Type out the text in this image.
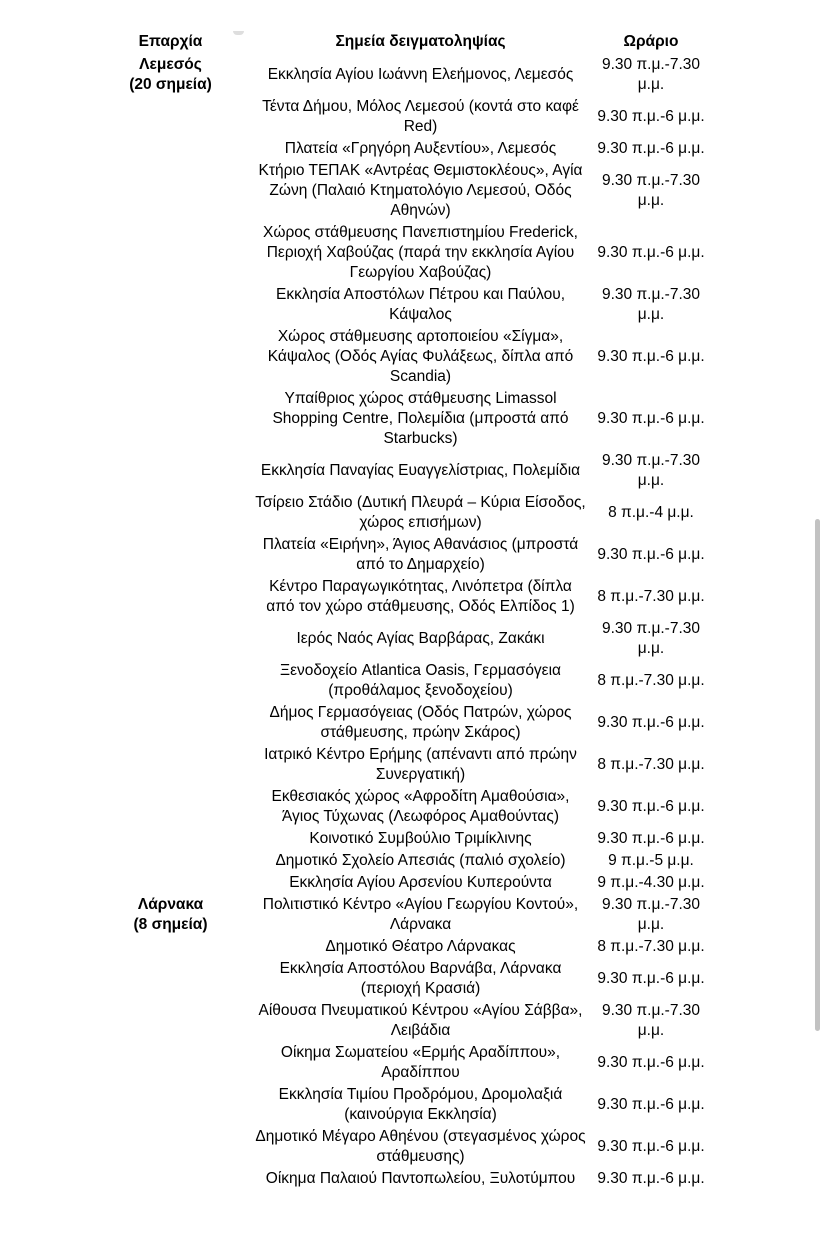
Επαρχία	Σημεία δειγματοληψίας	Ωράριο

Λεμεσός
(20 σημεία)	Εκκλησία Αγίου Ιωάννη Ελεήμονος, Λεμεσός	9.30 π.μ.-7.30 μ.μ.
	Τέντα Δήμου, Μόλος Λεμεσού (κοντά στο καφέ Red)	9.30 π.μ.-6 μ.μ.
	Πλατεία «Γρηγόρη Αυξεντίου», Λεμεσός	9.30 π.μ.-6 μ.μ.
	Κτήριο ΤΕΠΑΚ «Αντρέας Θεμιστοκλέους», Αγία Ζώνη (Παλαιό Κτηματολόγιο Λεμεσού, Οδός Αθηνών)	9.30 π.μ.-7.30 μ.μ.
	Χώρος στάθμευσης Πανεπιστημίου Frederick, Περιοχή Χαβούζας (παρά την εκκλησία Αγίου Γεωργίου Χαβούζας)	9.30 π.μ.-6 μ.μ.
	Εκκλησία Αποστόλων Πέτρου και Παύλου, Κάψαλος	9.30 π.μ.-7.30 μ.μ.
	Χώρος στάθμευσης αρτοποιείου «Σίγμα», Κάψαλος (Οδός Αγίας Φυλάξεως, δίπλα από Scandia)	9.30 π.μ.-6 μ.μ.
	Υπαίθριος χώρος στάθμευσης Limassol Shopping Centre, Πολεμίδια (μπροστά από Starbucks)	9.30 π.μ.-6 μ.μ.
	Εκκλησία Παναγίας Ευαγγελίστριας, Πολεμίδια	9.30 π.μ.-7.30 μ.μ.
	Τσίρειο Στάδιο (Δυτική Πλευρά – Κύρια Είσοδος, χώρος επισήμων)	8 π.μ.-4 μ.μ.
	Πλατεία «Ειρήνη», Άγιος Αθανάσιος (μπροστά από το Δημαρχείο)	9.30 π.μ.-6 μ.μ.
	Κέντρο Παραγωγικότητας, Λινόπετρα (δίπλα από τον χώρο στάθμευσης, Οδός Ελπίδος 1)	8 π.μ.-7.30 μ.μ.
	Ιερός Ναός Αγίας Βαρβάρας, Ζακάκι	9.30 π.μ.-7.30 μ.μ.
	Ξενοδοχείο Atlantica Oasis, Γερμασόγεια (προθάλαμος ξενοδοχείου)	8 π.μ.-7.30 μ.μ.
	Δήμος Γερμασόγειας (Οδός Πατρών, χώρος στάθμευσης, πρώην Σκάρος)	9.30 π.μ.-6 μ.μ.
	Ιατρικό Κέντρο Ερήμης (απέναντι από πρώην Συνεργατική)	8 π.μ.-7.30 μ.μ.
	Εκθεσιακός χώρος «Αφροδίτη Αμαθούσια», Άγιος Τύχωνας (Λεωφόρος Αμαθούντας)	9.30 π.μ.-6 μ.μ.
	Κοινοτικό Συμβούλιο Τριμίκλινης	9.30 π.μ.-6 μ.μ.
	Δημοτικό Σχολείο Απεσιάς (παλιό σχολείο)	9 π.μ.-5 μ.μ.
	Εκκλησία Αγίου Αρσενίου Κυπερούντα	9 π.μ.-4.30 μ.μ.

Λάρνακα
(8 σημεία)	Πολιτιστικό Κέντρο «Αγίου Γεωργίου Κοντού», Λάρνακα	9.30 π.μ.-7.30 μ.μ.
	Δημοτικό Θέατρο Λάρνακας	8 π.μ.-7.30 μ.μ.
	Εκκλησία Αποστόλου Βαρνάβα, Λάρνακα (περιοχή Κρασιά)	9.30 π.μ.-6 μ.μ.
	Αίθουσα Πνευματικού Κέντρου «Αγίου Σάββα», Λειβάδια	9.30 π.μ.-7.30 μ.μ.
	Οίκημα Σωματείου «Ερμής Αραδίππου», Αραδίππου	9.30 π.μ.-6 μ.μ.
	Εκκλησία Τιμίου Προδρόμου, Δρομολαξιά (καινούργια Εκκλησία)	9.30 π.μ.-6 μ.μ.
	Δημοτικό Μέγαρο Αθηένου (στεγασμένος χώρος στάθμευσης)	9.30 π.μ.-6 μ.μ.
	Οίκημα Παλαιού Παντοπωλείου, Ξυλοτύμπου	9.30 π.μ.-6 μ.μ.
